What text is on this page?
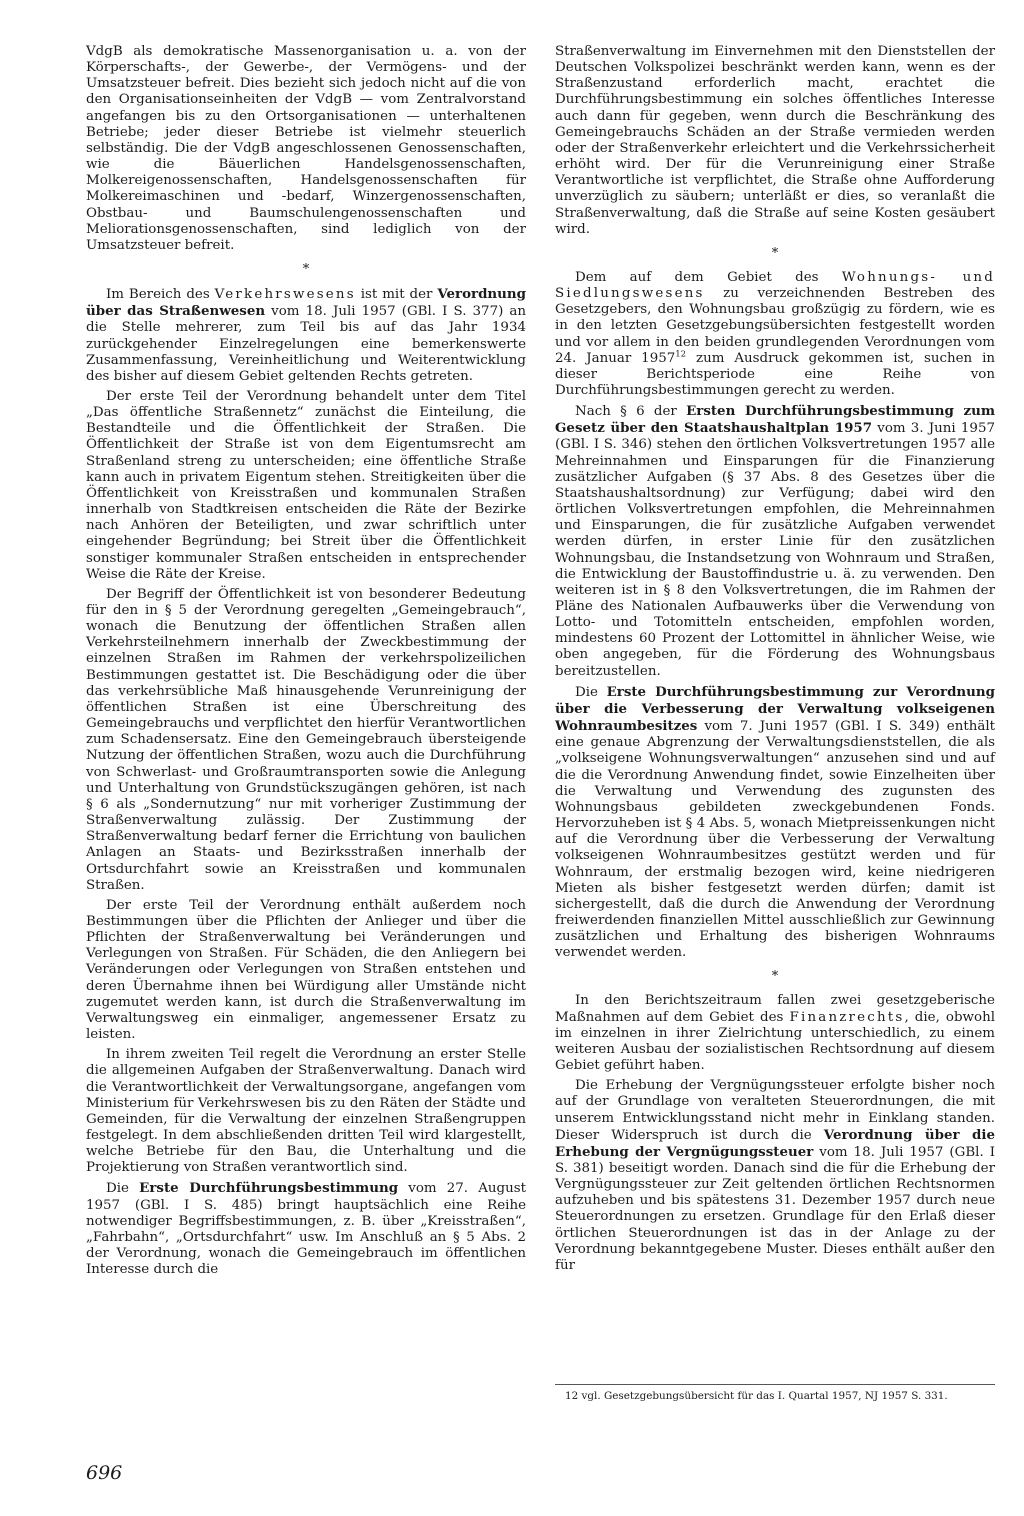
VdgB als demokratische Massenorganisation u. a. von der Körperschafts-, der Gewerbe-, der Vermögens- und der Umsatzsteuer befreit. Dies bezieht sich jedoch nicht auf die von den Organisationseinheiten der VdgB — vom Zentralvorstand angefangen bis zu den Ortsorganisationen — unterhaltenen Betriebe; jeder dieser Betriebe ist vielmehr steuerlich selbständig. Die der VdgB angeschlossenen Genossenschaften, wie die Bäuerlichen Handelsgenossenschaften, Molkereigenossenschaften, Handelsgenossenschaften für Molkereimaschinen und -bedarf, Winzergenossenschaften, Obstbau- und Baumschulengenossenschaften und Meliorationsgenossenschaften, sind lediglich von der Umsatzsteuer befreit.

*

Im Bereich des Verkehrswesens ist mit der Verordnung über das Straßenwesen vom 18. Juli 1957 (GBl. I S. 377) an die Stelle mehrerer, zum Teil bis auf das Jahr 1934 zurückgehender Einzelregelungen eine bemerkenswerte Zusammenfassung, Vereinheitlichung und Weiterentwicklung des bisher auf diesem Gebiet geltenden Rechts getreten.

Der erste Teil der Verordnung behandelt unter dem Titel „Das öffentliche Straßennetz“ zunächst die Einteilung, die Bestandteile und die Öffentlichkeit der Straßen. Die Öffentlichkeit der Straße ist von dem Eigentumsrecht am Straßenland streng zu unterscheiden; eine öffentliche Straße kann auch in privatem Eigentum stehen. Streitigkeiten über die Öffentlichkeit von Kreisstraßen und kommunalen Straßen innerhalb von Stadtkreisen entscheiden die Räte der Bezirke nach Anhören der Beteiligten, und zwar schriftlich unter eingehender Begründung; bei Streit über die Öffentlichkeit sonstiger kommunaler Straßen entscheiden in entsprechender Weise die Räte der Kreise.

Der Begriff der Öffentlichkeit ist von besonderer Bedeutung für den in § 5 der Verordnung geregelten „Gemeingebrauch“, wonach die Benutzung der öffentlichen Straßen allen Verkehrsteilnehmern innerhalb der Zweckbestimmung der einzelnen Straßen im Rahmen der verkehrspolizeilichen Bestimmungen gestattet ist. Die Beschädigung oder die über das verkehrsübliche Maß hinausgehende Verunreinigung der öffentlichen Straßen ist eine Überschreitung des Gemeingebrauchs und verpflichtet den hierfür Verantwortlichen zum Schadensersatz. Eine den Gemeingebrauch übersteigende Nutzung der öffentlichen Straßen, wozu auch die Durchführung von Schwerlast- und Großraumtransporten sowie die Anlegung und Unterhaltung von Grundstückszugängen gehören, ist nach § 6 als „Sondernutzung“ nur mit vorheriger Zustimmung der Straßenverwaltung zulässig. Der Zustimmung der Straßenverwaltung bedarf ferner die Errichtung von baulichen Anlagen an Staats- und Bezirksstraßen innerhalb der Ortsdurchfahrt sowie an Kreisstraßen und kommunalen Straßen.

Der erste Teil der Verordnung enthält außerdem noch Bestimmungen über die Pflichten der Anlieger und über die Pflichten der Straßenverwaltung bei Veränderungen und Verlegungen von Straßen. Für Schäden, die den Anliegern bei Veränderungen oder Verlegungen von Straßen entstehen und deren Übernahme ihnen bei Würdigung aller Umstände nicht zugemutet werden kann, ist durch die Straßenverwaltung im Verwaltungsweg ein einmaliger, angemessener Ersatz zu leisten.

In ihrem zweiten Teil regelt die Verordnung an erster Stelle die allgemeinen Aufgaben der Straßenverwaltung. Danach wird die Verantwortlichkeit der Verwaltungsorgane, angefangen vom Ministerium für Verkehrswesen bis zu den Räten der Städte und Gemeinden, für die Verwaltung der einzelnen Straßengruppen festgelegt. In dem abschließenden dritten Teil wird klargestellt, welche Betriebe für den Bau, die Unterhaltung und die Projektierung von Straßen verantwortlich sind.

Die Erste Durchführungsbestimmung vom 27. August 1957 (GBl. I S. 485) bringt hauptsächlich eine Reihe notwendiger Begriffsbestimmungen, z. B. über „Kreisstraßen“, „Fahrbahn“, „Ortsdurchfahrt“ usw. Im Anschluß an § 5 Abs. 2 der Verordnung, wonach die Gemeingebrauch im öffentlichen Interesse durch die

Straßenverwaltung im Einvernehmen mit den Dienststellen der Deutschen Volkspolizei beschränkt werden kann, wenn es der Straßenzustand erforderlich macht, erachtet die Durchführungsbestimmung ein solches öffentliches Interesse auch dann für gegeben, wenn durch die Beschränkung des Gemeingebrauchs Schäden an der Straße vermieden werden oder der Straßenverkehr erleichtert und die Verkehrssicherheit erhöht wird. Der für die Verunreinigung einer Straße Verantwortliche ist verpflichtet, die Straße ohne Aufforderung unverzüglich zu säubern; unterläßt er dies, so veranlaßt die Straßenverwaltung, daß die Straße auf seine Kosten gesäubert wird.

*

Dem auf dem Gebiet des Wohnungs- und Siedlungswesens zu verzeichnenden Bestreben des Gesetzgebers, den Wohnungsbau großzügig zu fördern, wie es in den letzten Gesetzgebungsübersichten festgestellt worden und vor allem in den beiden grundlegenden Verordnungen vom 24. Januar 1957$^{12}$ zum Ausdruck gekommen ist, suchen in dieser Berichtsperiode eine Reihe von Durchführungsbestimmungen gerecht zu werden.

Nach § 6 der Ersten Durchführungsbestimmung zum Gesetz über den Staatshaushaltplan 1957 vom 3. Juni 1957 (GBl. I S. 346) stehen den örtlichen Volksvertretungen 1957 alle Mehreinnahmen und Einsparungen für die Finanzierung zusätzlicher Aufgaben (§ 37 Abs. 8 des Gesetzes über die Staatshaushaltsordnung) zur Verfügung; dabei wird den örtlichen Volksvertretungen empfohlen, die Mehreinnahmen und Einsparungen, die für zusätzliche Aufgaben verwendet werden dürfen, in erster Linie für den zusätzlichen Wohnungsbau, die Instandsetzung von Wohnraum und Straßen, die Entwicklung der Baustoffindustrie u. ä. zu verwenden. Den weiteren ist in § 8 den Volksvertretungen, die im Rahmen der Pläne des Nationalen Aufbauwerks über die Verwendung von Lotto- und Totomitteln entscheiden, empfohlen worden, mindestens 60 Prozent der Lottomittel in ähnlicher Weise, wie oben angegeben, für die Förderung des Wohnungsbaus bereitzustellen.

Die Erste Durchführungsbestimmung zur Verordnung über die Verbesserung der Verwaltung volkseigenen Wohnraumbesitzes vom 7. Juni 1957 (GBl. I S. 349) enthält eine genaue Abgrenzung der Verwaltungsdienststellen, die als „volkseigene Wohnungsverwaltungen“ anzusehen sind und auf die die Verordnung Anwendung findet, sowie Einzelheiten über die Verwaltung und Verwendung des zugunsten des Wohnungsbaus gebildeten zweckgebundenen Fonds. Hervorzuheben ist § 4 Abs. 5, wonach Mietpreissenkungen nicht auf die Verordnung über die Verbesserung der Verwaltung volkseigenen Wohnraumbesitzes gestützt werden und für Wohnraum, der erstmalig bezogen wird, keine niedrigeren Mieten als bisher festgesetzt werden dürfen; damit ist sichergestellt, daß die durch die Anwendung der Verordnung freiwerdenden finanziellen Mittel ausschließlich zur Gewinnung zusätzlichen und Erhaltung des bisherigen Wohnraums verwendet werden.

*

In den Berichtszeitraum fallen zwei gesetzgeberische Maßnahmen auf dem Gebiet des Finanzrechts, die, obwohl im einzelnen in ihrer Zielrichtung unterschiedlich, zu einem weiteren Ausbau der sozialistischen Rechtsordnung auf diesem Gebiet geführt haben.

Die Erhebung der Vergnügungssteuer erfolgte bisher noch auf der Grundlage von veralteten Steuerordnungen, die mit unserem Entwicklungsstand nicht mehr in Einklang standen. Dieser Widerspruch ist durch die Verordnung über die Erhebung der Vergnügungssteuer vom 18. Juli 1957 (GBl. I S. 381) beseitigt worden. Danach sind die für die Erhebung der Vergnügungssteuer zur Zeit geltenden örtlichen Rechtsnormen aufzuheben und bis spätestens 31. Dezember 1957 durch neue Steuerordnungen zu ersetzen. Grundlage für den Erlaß dieser örtlichen Steuerordnungen ist das in der Anlage zu der Verordnung bekanntgegebene Muster. Dieses enthält außer den für

12 vgl. Gesetzgebungsübersicht für das I. Quartal 1957, NJ 1957 S. 331.

696
